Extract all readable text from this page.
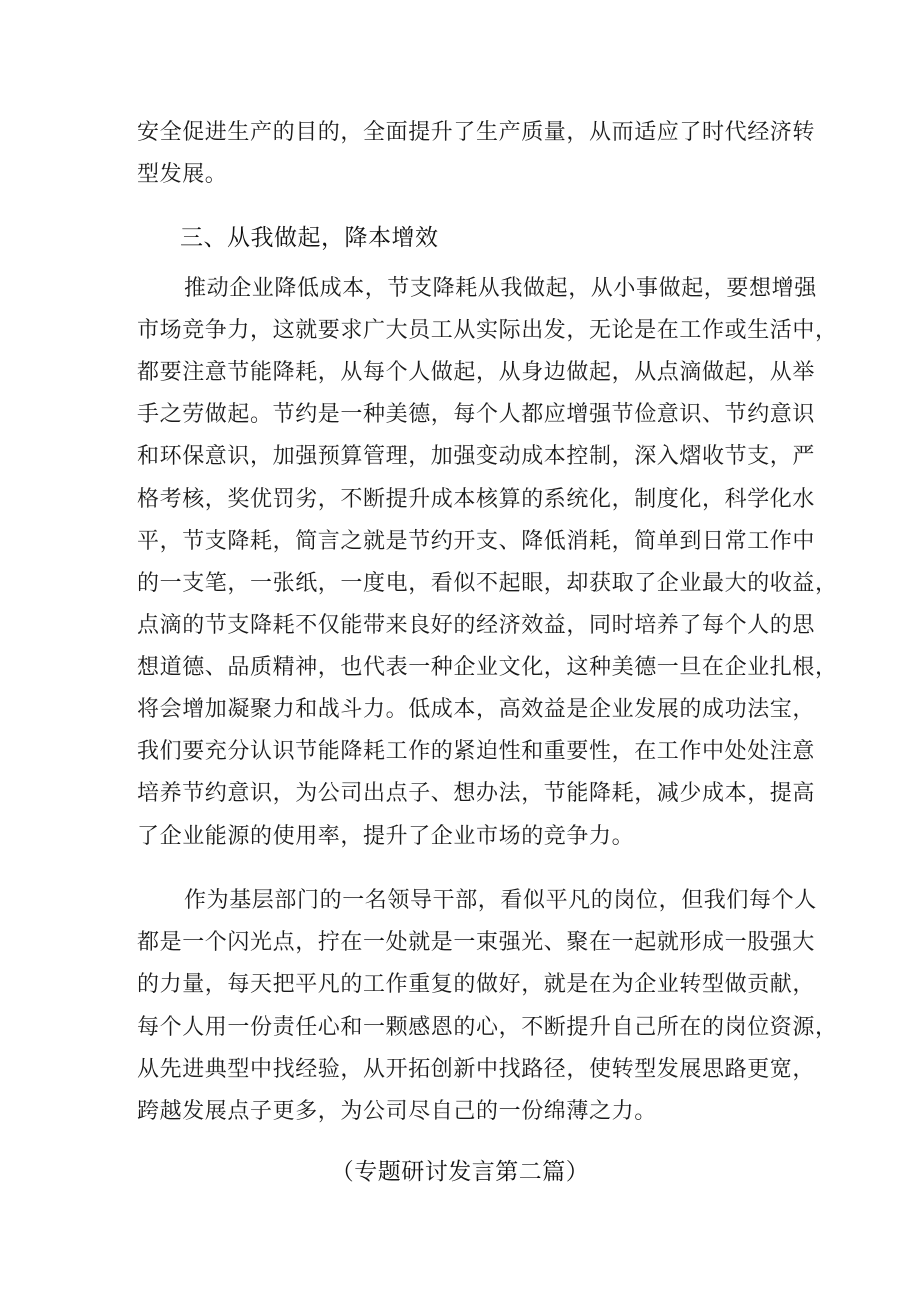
安全促进生产的目的，全面提升了生产质量，从而适应了时代经济转
型发展。
三、从我做起，降本增效
推动企业降低成本，节支降耗从我做起，从小事做起，要想增强
市场竞争力，这就要求广大员工从实际出发，无论是在工作或生活中，
都要注意节能降耗，从每个人做起，从身边做起，从点滴做起，从举
手之劳做起。节约是一种美德，每个人都应增强节俭意识、节约意识
和环保意识，加强预算管理，加强变动成本控制，深入熠收节支，严
格考核，奖优罚劣，不断提升成本核算的系统化，制度化，科学化水
平，节支降耗，简言之就是节约开支、降低消耗，简单到日常工作中
的一支笔，一张纸，一度电，看似不起眼，却获取了企业最大的收益，
点滴的节支降耗不仅能带来良好的经济效益，同时培养了每个人的思
想道德、品质精神，也代表一种企业文化，这种美德一旦在企业扎根，
将会增加凝聚力和战斗力。低成本，高效益是企业发展的成功法宝，
我们要充分认识节能降耗工作的紧迫性和重要性，在工作中处处注意
培养节约意识，为公司出点子、想办法，节能降耗，减少成本，提高
了企业能源的使用率，提升了企业市场的竞争力。
作为基层部门的一名领导干部，看似平凡的岗位，但我们每个人
都是一个闪光点，拧在一处就是一束强光、聚在一起就形成一股强大
的力量，每天把平凡的工作重复的做好，就是在为企业转型做贡献，
每个人用一份责任心和一颗感恩的心，不断提升自己所在的岗位资源，
从先进典型中找经验，从开拓创新中找路径，使转型发展思路更宽，
跨越发展点子更多，为公司尽自己的一份绵薄之力。
（专题研讨发言第二篇）
